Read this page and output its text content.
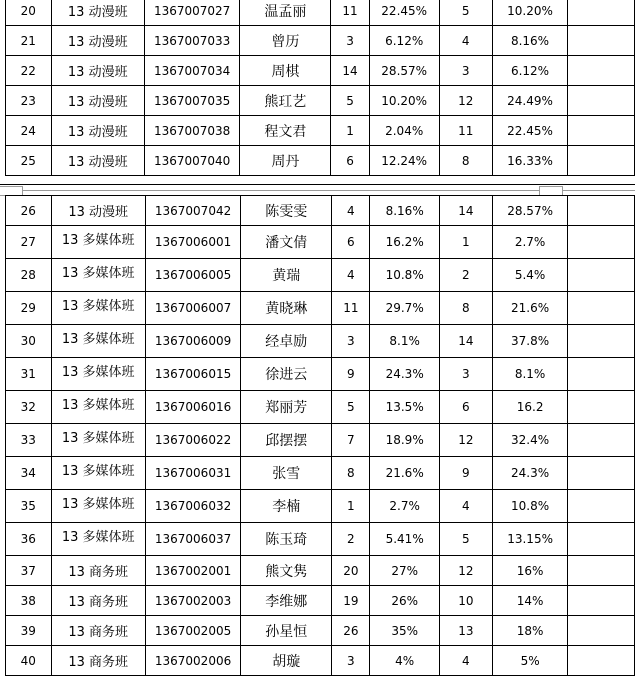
20	13 动漫班	1367007027	温孟丽	11	22.45%	5	10.20%	
21	13 动漫班	1367007033	曾历	3	6.12%	4	8.16%	
22	13 动漫班	1367007034	周棋	14	28.57%	3	6.12%	
23	13 动漫班	1367007035	熊玒艺	5	10.20%	12	24.49%	
24	13 动漫班	1367007038	程文君	1	2.04%	11	22.45%	
25	13 动漫班	1367007040	周丹	6	12.24%	8	16.33%	
26	13 动漫班	1367007042	陈雯雯	4	8.16%	14	28.57%	
27	13 多媒体班	1367006001	潘文倩	6	16.2%	1	2.7%	
28	13 多媒体班	1367006005	黄瑞	4	10.8%	2	5.4%	
29	13 多媒体班	1367006007	黄晓琳	11	29.7%	8	21.6%	
30	13 多媒体班	1367006009	经卓励	3	8.1%	14	37.8%	
31	13 多媒体班	1367006015	徐进云	9	24.3%	3	8.1%	
32	13 多媒体班	1367006016	郑丽芳	5	13.5%	6	16.2	
33	13 多媒体班	1367006022	邱摆摆	7	18.9%	12	32.4%	
34	13 多媒体班	1367006031	张雪	8	21.6%	9	24.3%	
35	13 多媒体班	1367006032	李楠	1	2.7%	4	10.8%	
36	13 多媒体班	1367006037	陈玉琦	2	5.41%	5	13.15%	
37	13 商务班	1367002001	熊文隽	20	27%	12	16%	
38	13 商务班	1367002003	李维娜	19	26%	10	14%	
39	13 商务班	1367002005	孙星恒	26	35%	13	18%	
40	13 商务班	1367002006	胡璇	3	4%	4	5%	
